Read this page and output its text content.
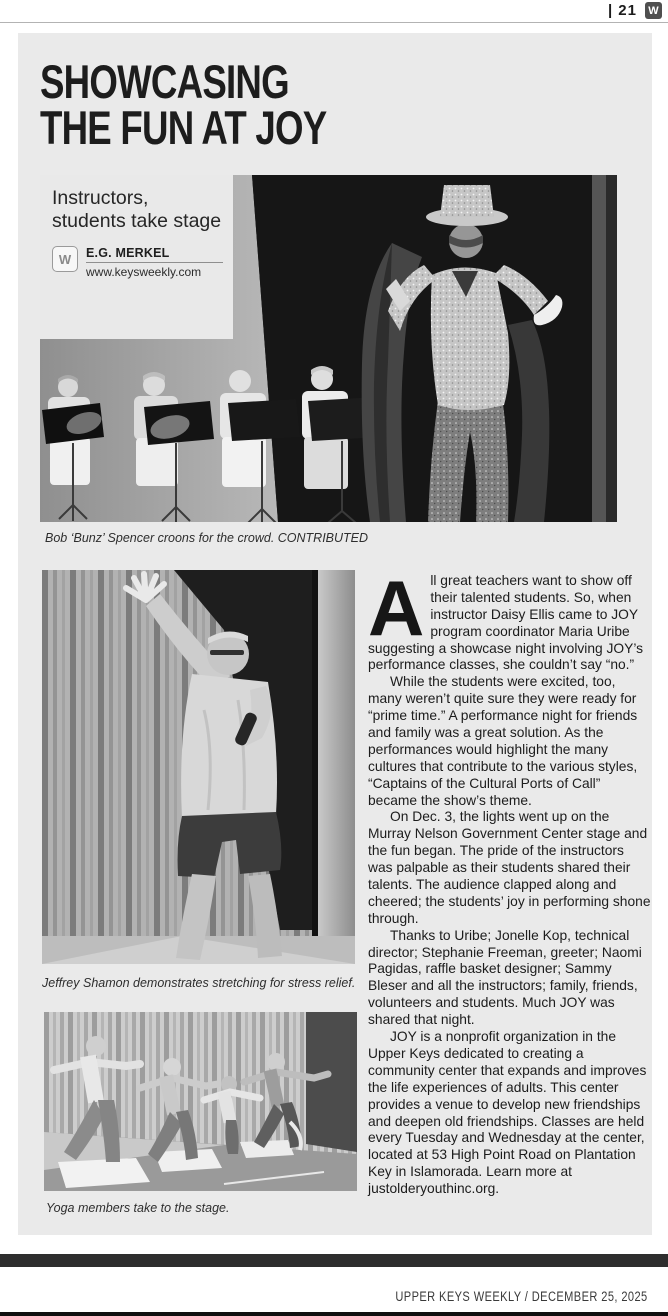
| 21 W
SHOWCASING
THE FUN AT JOY
Instructors, students take stage
W	E.G. MERKEL
www.keysweekly.com
Bob ‘Bunz’ Spencer croons for the crowd. CONTRIBUTED
Jeffrey Shamon demonstrates stretching for stress relief.
Yoga members take to the stage.

All great teachers want to show off their talented students. So, when instructor Daisy Ellis came to JOY program coordinator Maria Uribe suggesting a showcase night involving JOY’s performance classes, she couldn’t say “no.”

While the students were excited, too, many weren’t quite sure they were ready for “prime time.” A performance night for friends and family was a great solution. As the performances would highlight the many cultures that contribute to the various styles, “Captains of the Cultural Ports of Call” became the show’s theme.

On Dec. 3, the lights went up on the Murray Nelson Government Center stage and the fun began. The pride of the instructors was palpable as their students shared their talents. The audience clapped along and cheered; the students’ joy in performing shone through.

Thanks to Uribe; Jonelle Kop, technical director; Stephanie Freeman, greeter; Naomi Pagidas, raffle basket designer; Sammy Bleser and all the instructors; family, friends, volunteers and students. Much JOY was shared that night.

JOY is a nonprofit organization in the Upper Keys dedicated to creating a community center that expands and improves the life experiences of adults. This center provides a venue to develop new friendships and deepen old friendships. Classes are held every Tuesday and Wednesday at the center, located at 53 High Point Road on Plantation Key in Islamorada. Learn more at justolderyouthinc.org.

UPPER KEYS WEEKLY / DECEMBER 25, 2025
